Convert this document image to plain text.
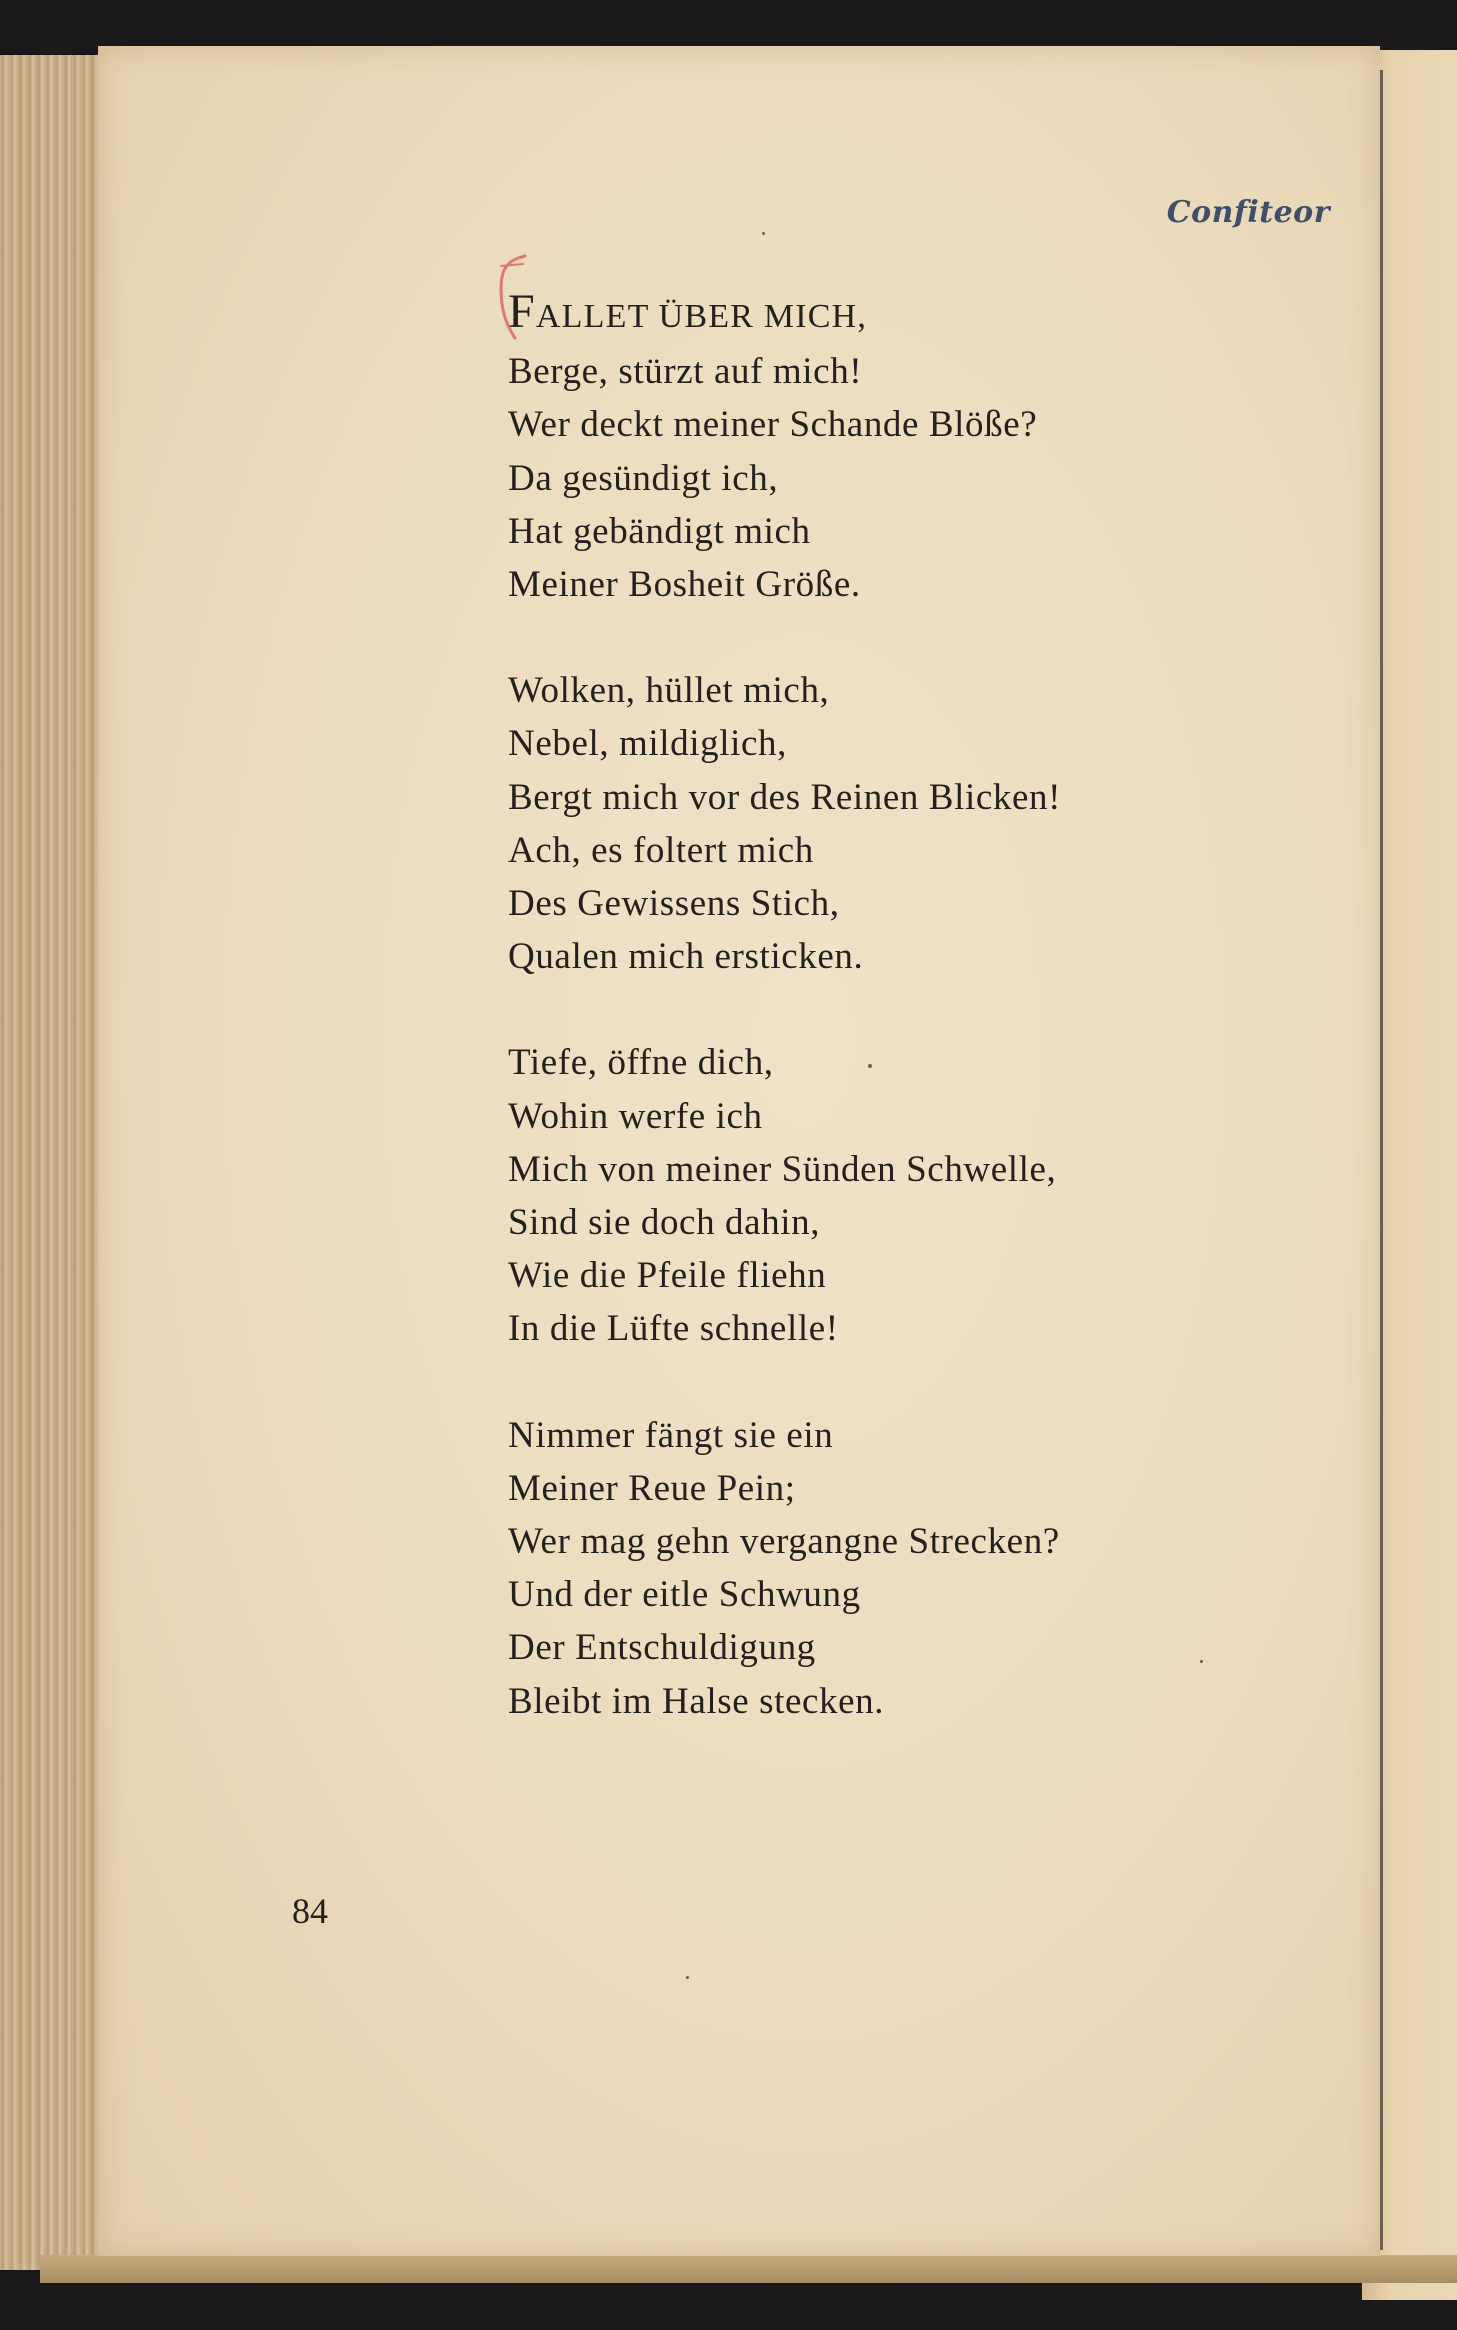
Confiteor
FALLET ÜBER MICH,
Berge, stürzt auf mich!
Wer deckt meiner Schande Blöße?
Da gesündigt ich,
Hat gebändigt mich
Meiner Bosheit Größe.
Wolken, hüllet mich,
Nebel, mildiglich,
Bergt mich vor des Reinen Blicken!
Ach, es foltert mich
Des Gewissens Stich,
Qualen mich ersticken.
Tiefe, öffne dich,
Wohin werfe ich
Mich von meiner Sünden Schwelle,
Sind sie doch dahin,
Wie die Pfeile fliehn
In die Lüfte schnelle!
Nimmer fängt sie ein
Meiner Reue Pein;
Wer mag gehn vergangne Strecken?
Und der eitle Schwung
Der Entschuldigung
Bleibt im Halse stecken.
84
